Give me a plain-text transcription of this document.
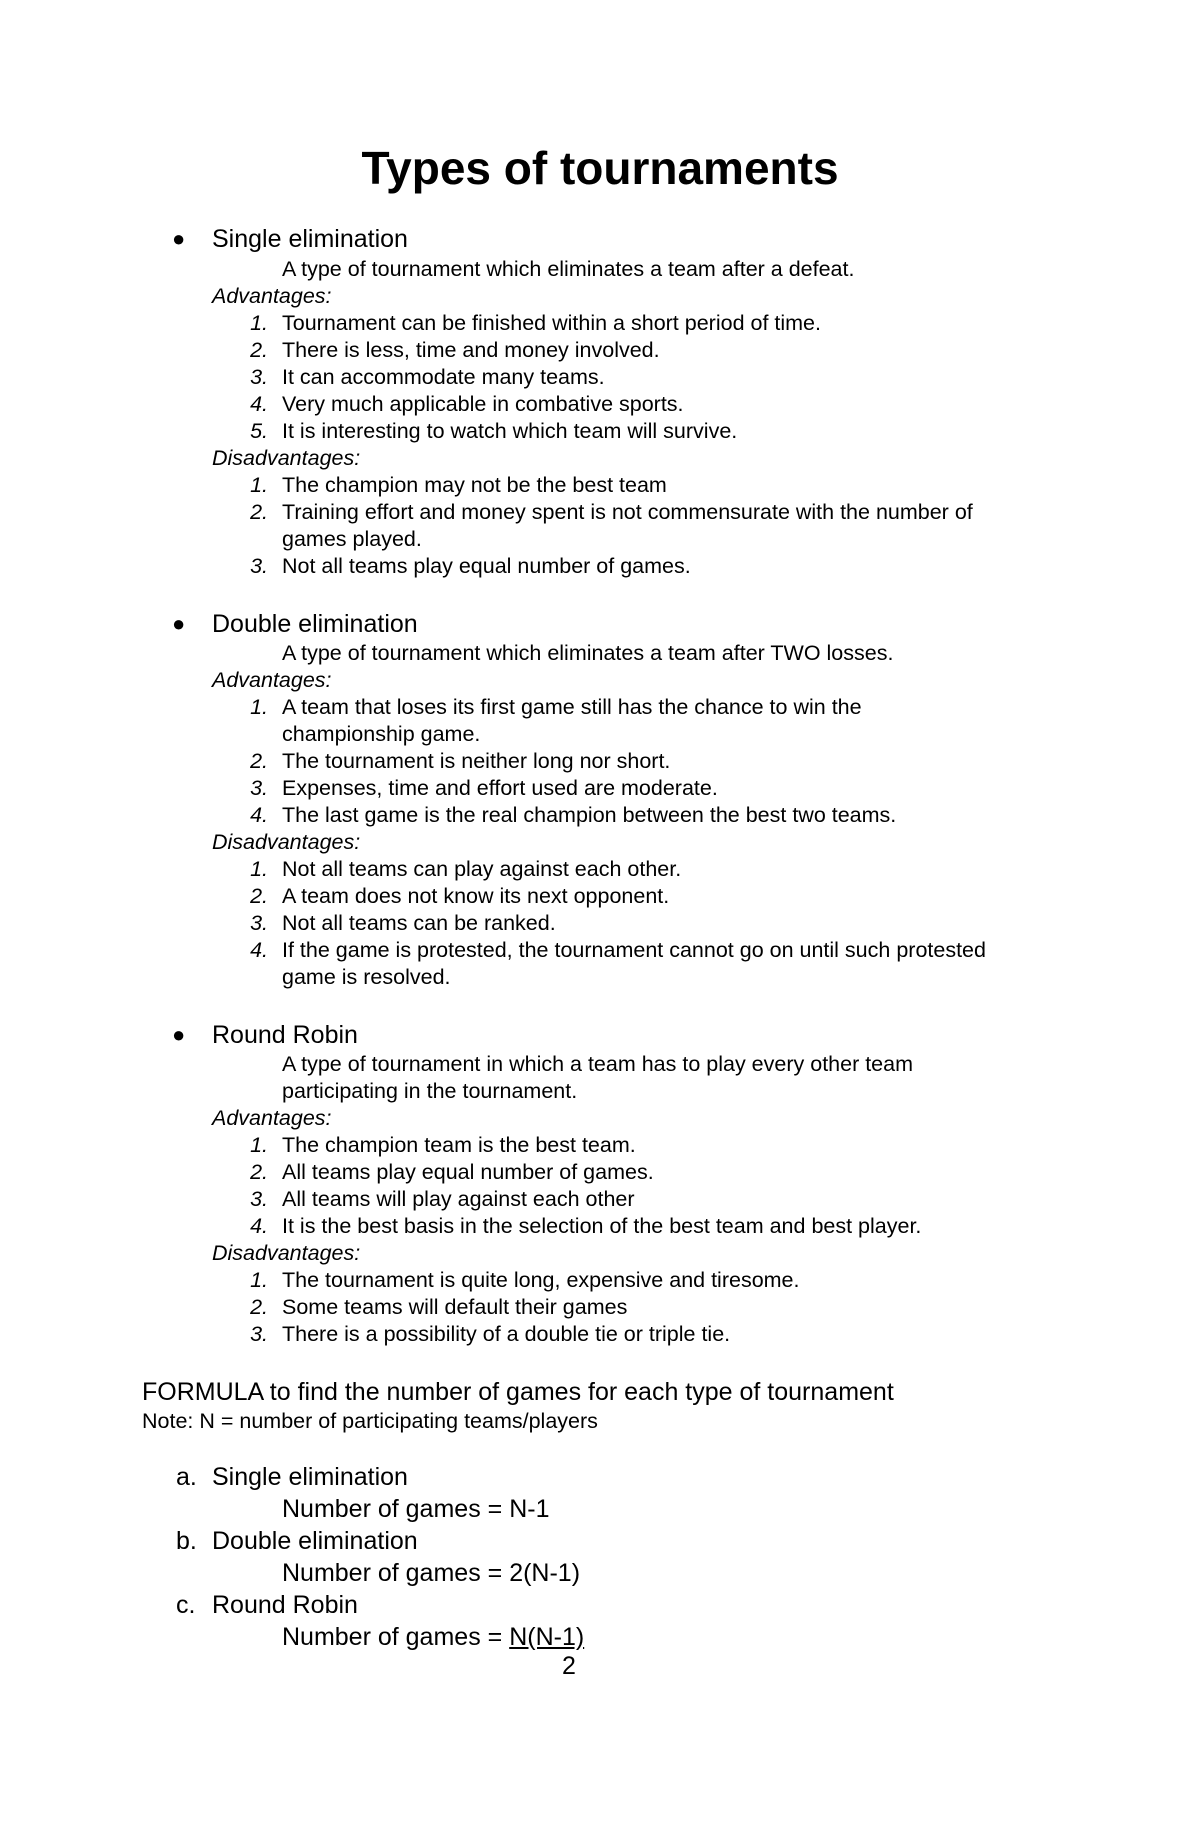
Types of tournaments
● Single elimination
A type of tournament which eliminates a team after a defeat.
Advantages:
1. Tournament can be finished within a short period of time.
2. There is less, time and money involved.
3. It can accommodate many teams.
4. Very much applicable in combative sports.
5. It is interesting to watch which team will survive.
Disadvantages:
1. The champion may not be the best team
2. Training effort and money spent is not commensurate with the number of
games played.
3. Not all teams play equal number of games.
● Double elimination
A type of tournament which eliminates a team after TWO losses.
Advantages:
1. A team that loses its first game still has the chance to win the
championship game.
2. The tournament is neither long nor short.
3. Expenses, time and effort used are moderate.
4. The last game is the real champion between the best two teams.
Disadvantages:
1. Not all teams can play against each other.
2. A team does not know its next opponent.
3. Not all teams can be ranked.
4. If the game is protested, the tournament cannot go on until such protested
game is resolved.
● Round Robin
A type of tournament in which a team has to play every other team
participating in the tournament.
Advantages:
1. The champion team is the best team.
2. All teams play equal number of games.
3. All teams will play against each other
4. It is the best basis in the selection of the best team and best player.
Disadvantages:
1. The tournament is quite long, expensive and tiresome.
2. Some teams will default their games
3. There is a possibility of a double tie or triple tie.
FORMULA to find the number of games for each type of tournament
Note: N = number of participating teams/players
a. Single elimination
Number of games = N-1
b. Double elimination
Number of games = 2(N-1)
c. Round Robin
Number of games = N(N-1)
2
